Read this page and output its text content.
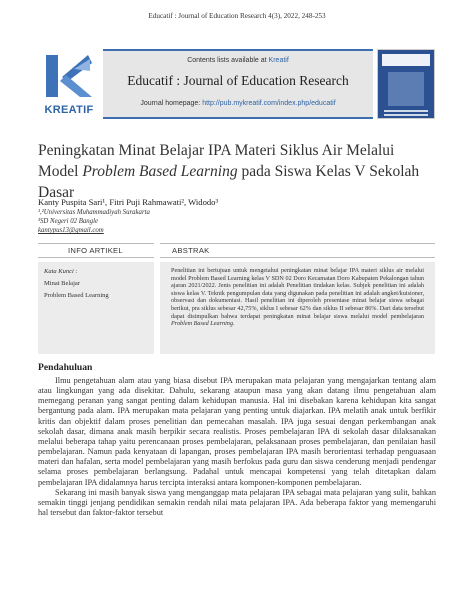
Educatif : Journal of Education Research 4(3), 2022, 248-253
KREATIF
Contents lists available at Kreatif
Educatif : Journal of Education Research
Journal homepage: http://pub.mykreatif.com/index.php/educatif
Peningkatan Minat Belajar IPA Materi Siklus Air Melalui Model Problem Based Learning pada Siswa Kelas V Sekolah Dasar
Kanty Puspita Sari¹, Fitri Puji Rahmawati², Widodo³
¹,²Universitas Muhammadiyah Surakarta
³SD Negeri 02 Bangle
kantypus13@gmail.com
INFO ARTIKEL	ABSTRAK
Kata Kunci :
Minat Belajar
Problem Based Learning
Penelitian ini bertujuan untuk mengetahui peningkatan minat belajar IPA materi siklus air melalui model Problem Based Learning kelas V SDN 02 Doro Kecamatan Doro Kabupaten Pekalongan tahun ajaran 2021/2022. Jenis penelitian ini adalah Penelitian tindakan kelas. Subjek penelitian ini adalah siswa kelas V. Teknik pengumpulan data yang digunakan pada penelitian ini adalah angket/kuisioner, observasi dan dokumentasi. Hasil penelitian ini diperoleh presentase minat belajar siswa sebagai berikut, pra siklus sebesar 42,75%, siklus I sebesar 62% dan siklus II sebesar 86%. Dari data tersebut dapat disimpulkan bahwa terdapat peningkatan minat belajar siswa melalui model pembelajaran Problem Based Learning.
Pendahuluan

Ilmu pengetahuan alam atau yang biasa disebut IPA merupakan mata pelajaran yang mengajarkan tentang alam atau lingkungan yang ada disekitar. Dahulu, sekarang ataupun masa yang akan datang ilmu pengetahuan alam memegang peranan yang sangat penting dalam kehidupan manusia. Hal ini disebakan karena kehidupan kita sangat bergantung pada alam. IPA merupakan mata pelajaran yang penting untuk diajarkan. IPA melatih anak untuk berfikir kritis dan objektif dalam proses penelitian dan pemecahan masalah. IPA juga sesuai dengan perkembangan anak sekolah dasar, dimana anak masih berpikir secara realistis. Proses pembelajaran IPA di sekolah dasar dilaksanakan melalui beberapa tahap yaitu perencanaan proses pembelajaran, pelaksanaan proses pembelajaran, dan penilaian hasil pembelajaran. Namun pada kenyataan di lapangan, proses pembelajaran IPA masih berorientasi terhadap penguasaan materi dan hafalan, serta model pembelajaran yang masih berfokus pada guru dan siswa cenderung menjadi pendengar selama proses pembelajaran berlangsung. Padahal untuk mencapai kompetensi yang telah ditetapkan dalam pembelajaran IPA didalamnya harus tercipta interaksi antara komponen-komponen pembelajaran.

Sekarang ini masih banyak siswa yang menganggap mata pelajaran IPA sebagai mata pelajaran yang sulit, bahkan semakin tinggi jenjang pendidikan semakin rendah nilai mata pelajaran IPA. Ada beberapa faktor yang memengaruhi hal tersebut dan faktor-faktor tersebut
